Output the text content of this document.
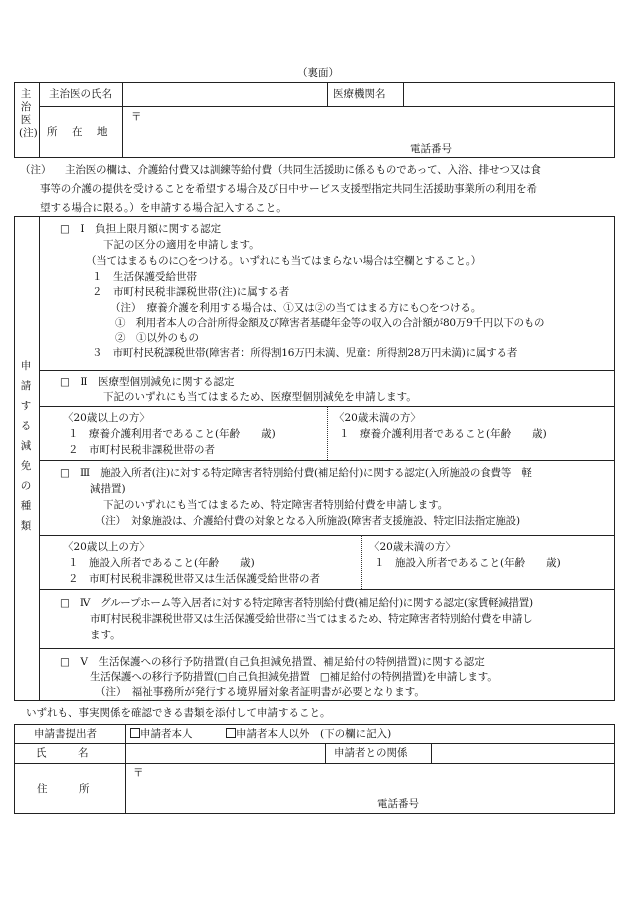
（裏面）
主
治
医
(注)
主治医の氏名	医療機関名
所　在　地
〒
電話番号
（注） 主治医の欄は、介護給付費又は訓練等給付費（共同生活援助に係るものであって、入浴、排せつ又は食
事等の介護の提供を受けることを希望する場合及び日中サービス支援型指定共同生活援助事業所の利用を希
望する場合に限る。）を申請する場合記入すること。
申
請
す
る
減
免
の
種
類
□　Ⅰ　負担上限月額に関する認定
下記の区分の適用を申請します。
（当てはまるものに○をつける。いずれにも当てはまらない場合は空欄とすること。）
１　生活保護受給世帯
２　市町村民税非課税世帯(注)に属する者
（注）　療養介護を利用する場合は、①又は②の当てはまる方にも○をつける。
①　利用者本人の合計所得金額及び障害者基礎年金等の収入の合計額が80万9千円以下のもの
②　①以外のもの
３　市町村民税課税世帯(障害者：所得割16万円未満、児童：所得割28万円未満)に属する者
□　Ⅱ　医療型個別減免に関する認定
下記のいずれにも当てはまるため、医療型個別減免を申請します。
〈20歳以上の方〉
１　療養介護利用者であること(年齢　　歳)
２　市町村民税非課税世帯の者
〈20歳未満の方〉
１　療養介護利用者であること(年齢　　歳)
□　Ⅲ　施設入所者(注)に対する特定障害者特別給付費(補足給付)に関する認定(入所施設の食費等　軽
減措置)
下記のいずれにも当てはまるため、特定障害者特別給付費を申請します。
（注）　対象施設は、介護給付費の対象となる入所施設(障害者支援施設、特定旧法指定施設)
〈20歳以上の方〉
１　施設入所者であること(年齢　　歳)
２　市町村民税非課税世帯又は生活保護受給世帯の者
〈20歳未満の方〉
１　施設入所者であること(年齢　　歳)
□　Ⅳ　グループホーム等入居者に対する特定障害者特別給付費(補足給付)に関する認定(家賃軽減措置)
市町村民税非課税世帯又は生活保護受給世帯に当てはまるため、特定障害者特別給付費を申請し
ます。
□　Ⅴ　生活保護への移行予防措置(自己負担減免措置、補足給付の特例措置)に関する認定
生活保護への移行予防措置(□自己負担減免措置　□補足給付の特例措置)を申請します。
（注）　福祉事務所が発行する境界層対象者証明書が必要となります。
いずれも、事実関係を確認できる書類を添付して申請すること。
申請書提出者	申請者本人	申請者本人以外　(下の欄に記入)
氏　　　名	申請者との関係
住　　　所
〒
電話番号
